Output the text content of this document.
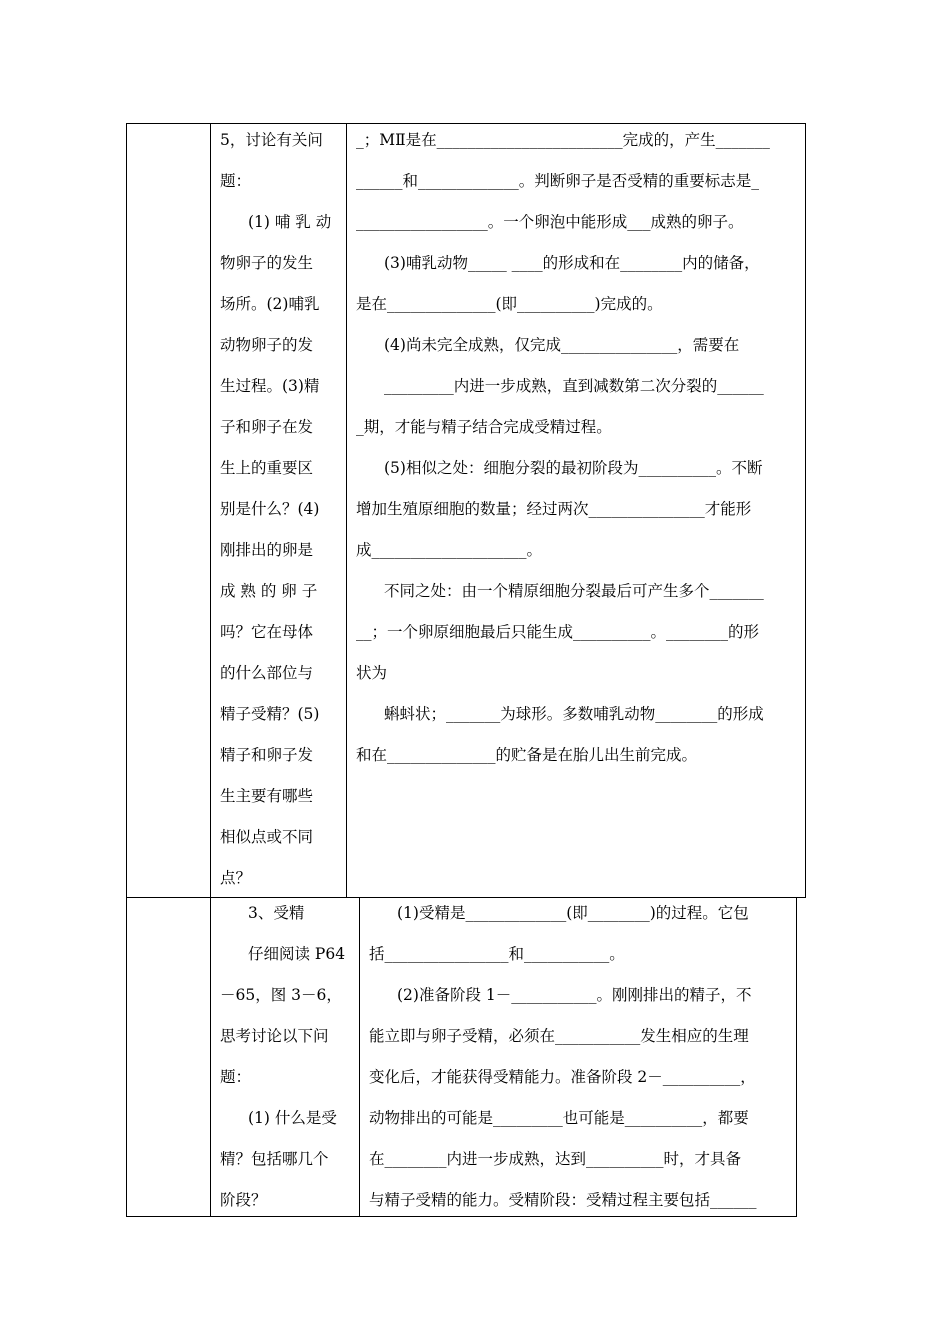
5，讨论有关问

题：

(1) 哺 乳 动

物卵子的发生

场所。(2)哺乳

动物卵子的发

生过程。(3)精

子和卵子在发

生上的重要区

别是什么？(4)

刚排出的卵是

成 熟 的 卵 子

吗？它在母体

的什么部位与

精子受精？(5)

精子和卵子发

生主要有哪些

相似点或不同

点？

_；MⅡ是在________________________完成的，产生_______

______和_____________。判断卵子是否受精的重要标志是_

_________________。一个卵泡中能形成___成熟的卵子。

(3)哺乳动物_____ ____的形成和在________内的储备，

是在______________(即__________)完成的。

(4)尚未完全成熟，仅完成_______________，需要在

_________内进一步成熟，直到减数第二次分裂的______

_期，才能与精子结合完成受精过程。

(5)相似之处：细胞分裂的最初阶段为__________。不断

增加生殖原细胞的数量；经过两次_______________才能形

成____________________。

不同之处：由一个精原细胞分裂最后可产生多个_______

__；一个卵原细胞最后只能生成__________。________的形

状为

蝌蚪状；_______为球形。多数哺乳动物________的形成

和在______________的贮备是在胎儿出生前完成。

3、受精

仔细阅读 P64

－65，图 3－6，

思考讨论以下问

题：

(1) 什么是受

精？包括哪几个

阶段？

(1)受精是_____________(即________)的过程。它包

括________________和___________。

(2)准备阶段 1－___________。刚刚排出的精子，不

能立即与卵子受精，必须在___________发生相应的生理

变化后，才能获得受精能力。准备阶段 2－__________，

动物排出的可能是_________也可能是__________，都要

在________内进一步成熟，达到__________时，才具备

与精子受精的能力。受精阶段：受精过程主要包括______
